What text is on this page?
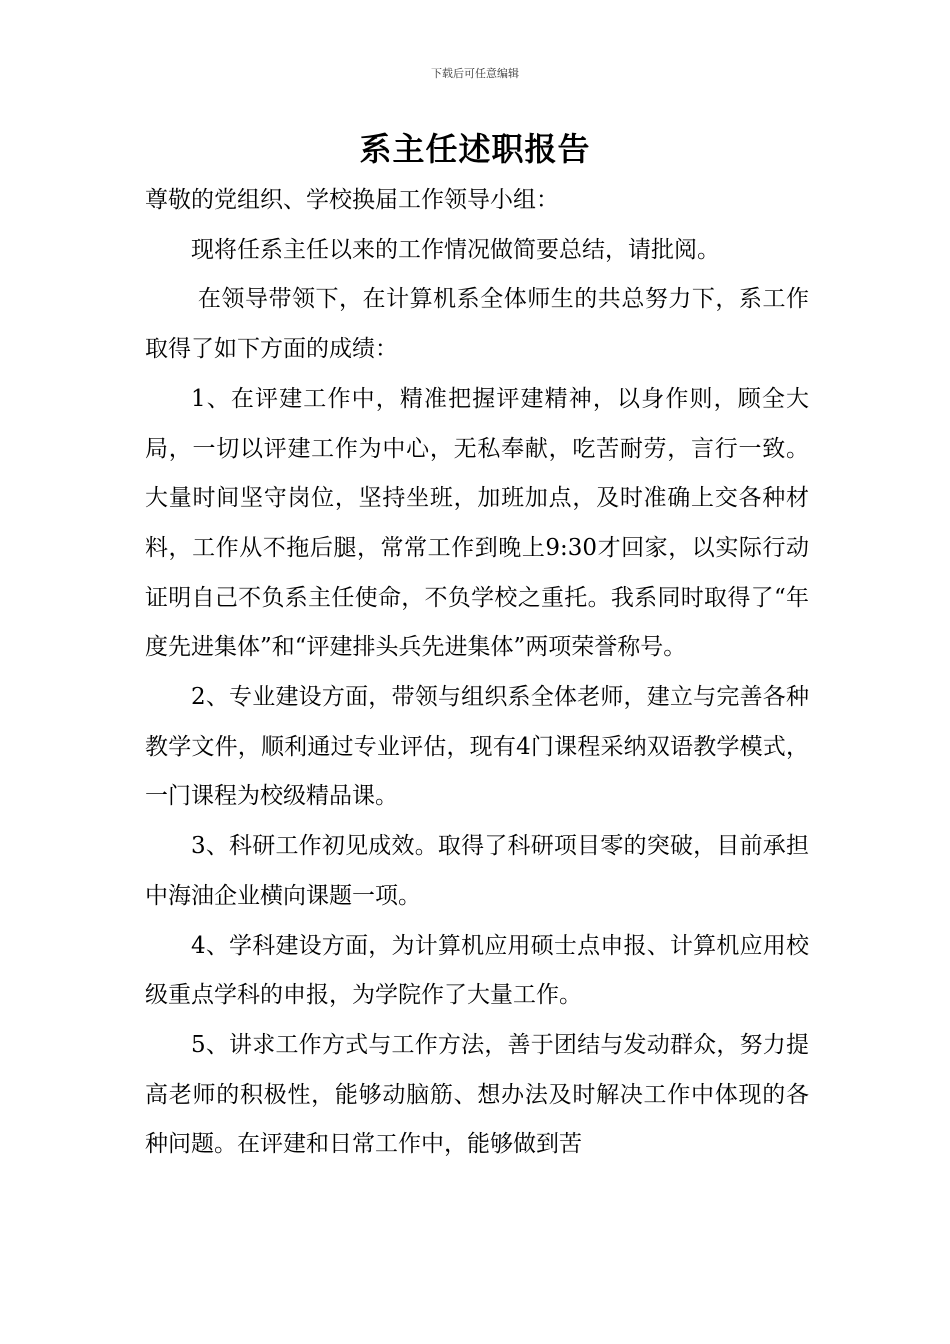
下载后可任意编辑
系主任述职报告

尊敬的党组织、学校换届工作领导小组：

现将任系主任以来的工作情况做简要总结，请批阅。

在领导带领下，在计算机系全体师生的共总努力下，系工作取得了如下方面的成绩：

1、在评建工作中，精准把握评建精神，以身作则，顾全大局，一切以评建工作为中心，无私奉献，吃苦耐劳，言行一致。大量时间坚守岗位，坚持坐班，加班加点，及时准确上交各种材料，工作从不拖后腿，常常工作到晚上9:30才回家，以实际行动证明自己不负系主任使命，不负学校之重托。我系同时取得了“年度先进集体”和“评建排头兵先进集体”两项荣誉称号。

2、专业建设方面，带领与组织系全体老师，建立与完善各种教学文件，顺利通过专业评估，现有4门课程采纳双语教学模式，一门课程为校级精品课。

3、科研工作初见成效。取得了科研项目零的突破，目前承担中海油企业横向课题一项。

4、学科建设方面，为计算机应用硕士点申报、计算机应用校级重点学科的申报，为学院作了大量工作。

5、讲求工作方式与工作方法，善于团结与发动群众，努力提高老师的积极性，能够动脑筋、想办法及时解决工作中体现的各种问题。在评建和日常工作中，能够做到苦
